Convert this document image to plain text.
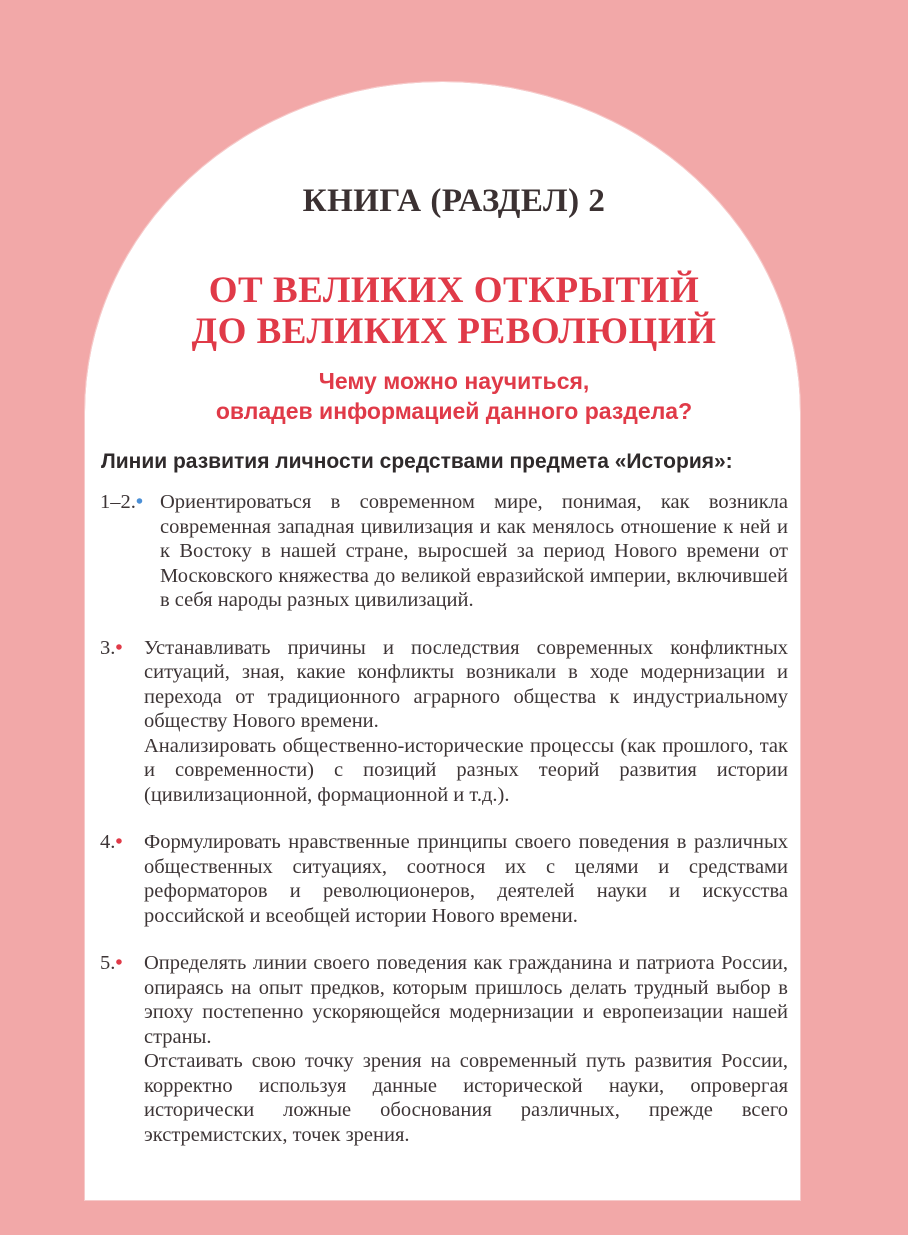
КНИГА (РАЗДЕЛ) 2
ОТ ВЕЛИКИХ ОТКРЫТИЙ
ДО ВЕЛИКИХ РЕВОЛЮЦИЙ
Чему можно научиться,
овладев информацией данного раздела?
Линии развития личности средствами предмета «История»:
1–2.• Ориентироваться в современном мире, понимая, как возникла современная западная цивилизация и как менялось отношение к ней и к Востоку в нашей стране, выросшей за период Нового времени от Московского княжества до великой евразийской империи, включившей в себя народы разных цивилизаций.

3.• Устанавливать причины и последствия современных конфликтных ситуаций, зная, какие конфликты возникали в ходе модернизации и перехода от традиционного аграрного общества к индустриальному обществу Нового времени.

Анализировать общественно-исторические процессы (как прошлого, так и современности) с позиций разных теорий развития истории (цивилизационной, формационной и т.д.).

4.• Формулировать нравственные принципы своего поведения в различных общественных ситуациях, соотнося их с целями и средствами реформаторов и революционеров, деятелей науки и искусства российской и всеобщей истории Нового времени.

5.• Определять линии своего поведения как гражданина и патриота России, опираясь на опыт предков, которым пришлось делать трудный выбор в эпоху постепенно ускоряющейся модернизации и европеизации нашей страны.

Отстаивать свою точку зрения на современный путь развития России, корректно используя данные исторической науки, опровергая исторически ложные обоснования различных, прежде всего экстремистских, точек зрения.
